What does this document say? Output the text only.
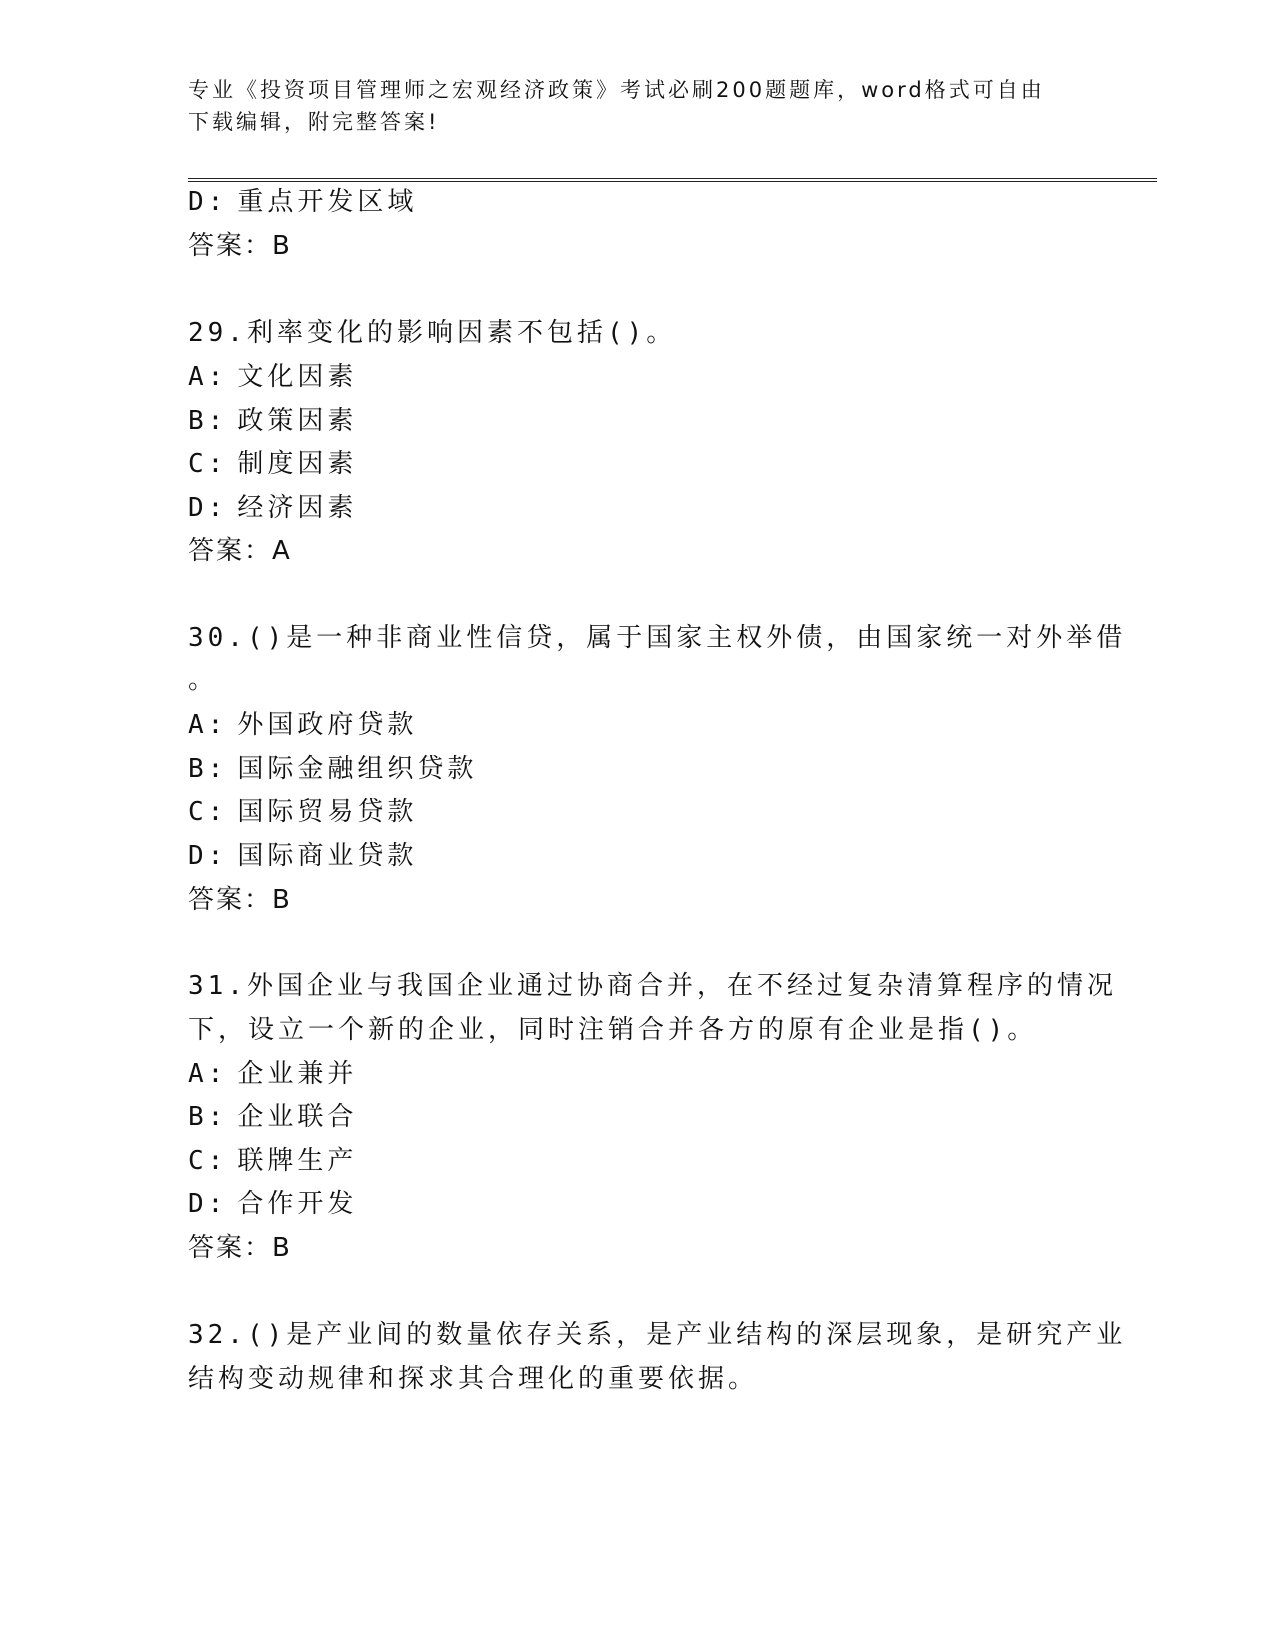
专业《投资项目管理师之宏观经济政策》考试必刷200题题库，word格式可自由
下载编辑，附完整答案!
D: 重点开发区域
答案：B
29.利率变化的影响因素不包括()。
A: 文化因素
B: 政策因素
C: 制度因素
D: 经济因素
答案：A
30.()是一种非商业性信贷，属于国家主权外债，由国家统一对外举借
。
A: 外国政府贷款
B: 国际金融组织贷款
C: 国际贸易贷款
D: 国际商业贷款
答案：B
31.外国企业与我国企业通过协商合并，在不经过复杂清算程序的情况
下，设立一个新的企业，同时注销合并各方的原有企业是指()。
A: 企业兼并
B: 企业联合
C: 联牌生产
D: 合作开发
答案：B
32.()是产业间的数量依存关系，是产业结构的深层现象，是研究产业
结构变动规律和探求其合理化的重要依据。
